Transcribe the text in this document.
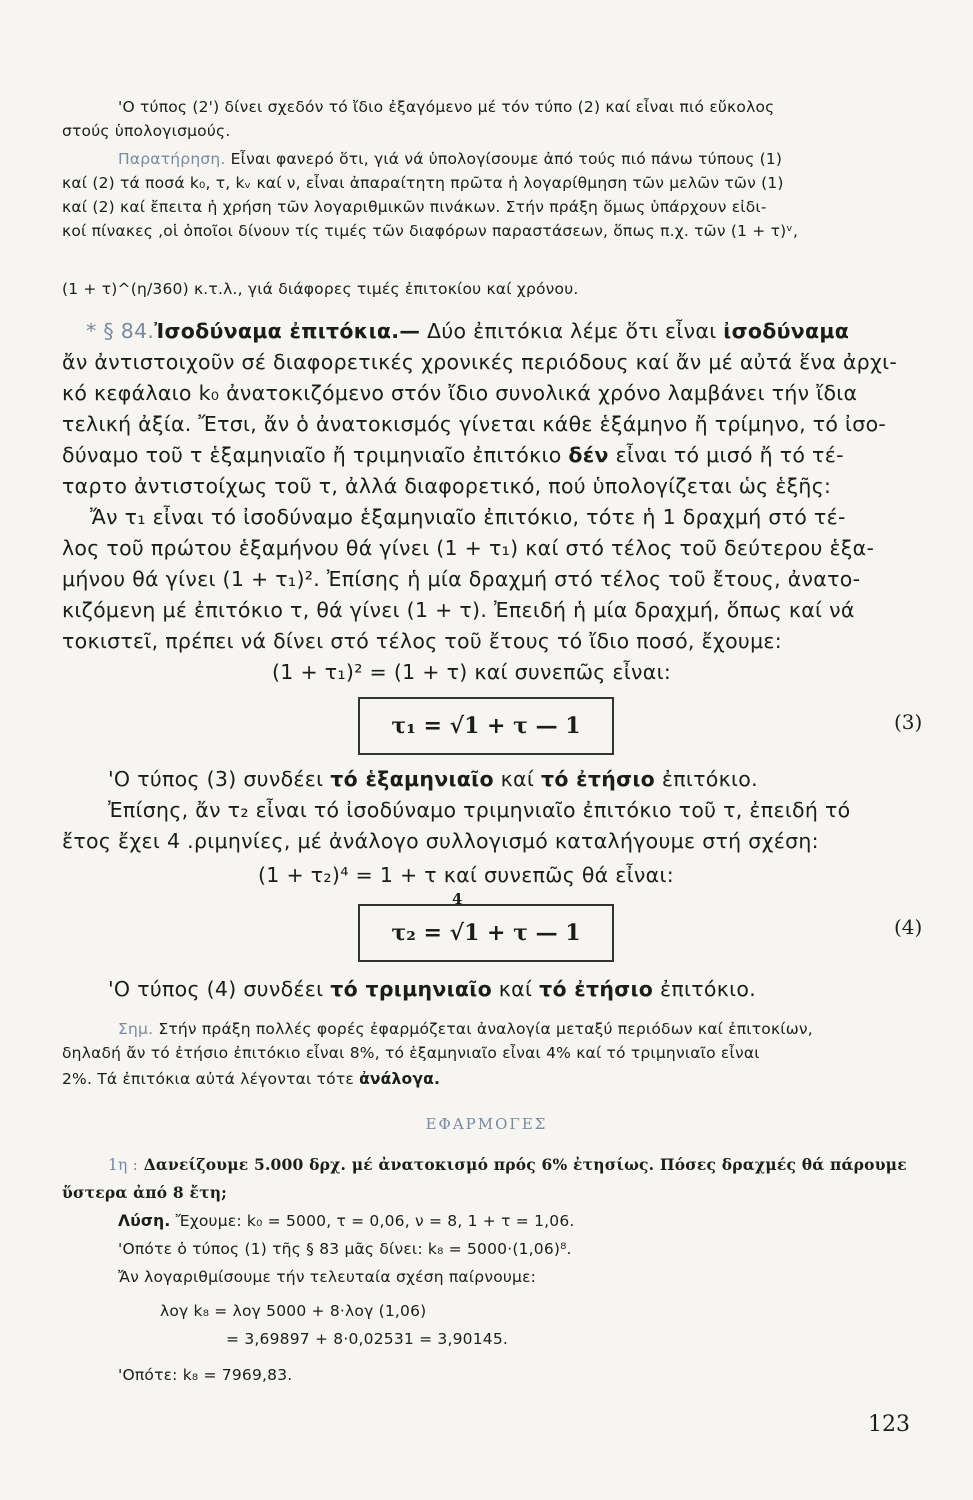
'Ο τύπος (2') δίνει σχεδόν τό ἴδιο ἐξαγόμενο μέ τόν τύπο (2) καί εἶναι πιό εὔκολος
στούς ὑπολογισμούς.
Παρατήρηση. Εἶναι φανερό ὅτι, γιά νά ὑπολογίσουμε ἀπό τούς πιό πάνω τύπους (1)
καί (2) τά ποσά k₀, τ, kᵥ καί ν, εἶναι ἀπαραίτητη πρῶτα ἡ λογαρίθμηση τῶν μελῶν τῶν (1)
καί (2) καί ἔπειτα ἡ χρήση τῶν λογαριθμικῶν πινάκων. Στήν πράξη ὅμως ὑπάρχουν εἰδι-
κοί πίνακες ,οἱ ὁποῖοι δίνουν τίς τιμές τῶν διαφόρων παραστάσεων, ὅπως π.χ. τῶν (1 + τ)ᵛ,
(1 + τ)^(η/360) κ.τ.λ., γιά διάφορες τιμές ἐπιτοκίου καί χρόνου.
* § 84.Ἰσοδύναμα ἐπιτόκια.— Δύο ἐπιτόκια λέμε ὅτι εἶναι ἰσοδύναμα
ἄν ἀντιστοιχοῦν σέ διαφορετικές χρονικές περιόδους καί ἄν μέ αὐτά ἕνα ἀρχι-
κό κεφάλαιο k₀ ἀνατοκιζόμενο στόν ἴδιο συνολικά χρόνο λαμβάνει τήν ἴδια
τελική ἀξία. Ἔτσι, ἄν ὁ ἀνατοκισμός γίνεται κάθε ἑξάμηνο ἤ τρίμηνο, τό ἰσο-
δύναμο τοῦ τ ἑξαμηνιαῖο ἤ τριμηνιαῖο ἐπιτόκιο δέν εἶναι τό μισό ἤ τό τέ-
ταρτο ἀντιστοίχως τοῦ τ, ἀλλά διαφορετικό, πού ὑπολογίζεται ὡς ἑξῆς:
Ἄν τ₁ εἶναι τό ἰσοδύναμο ἑξαμηνιαῖο ἐπιτόκιο, τότε ἡ 1 δραχμή στό τέ-
λος τοῦ πρώτου ἑξαμήνου θά γίνει (1 + τ₁) καί στό τέλος τοῦ δεύτερου ἑξα-
μήνου θά γίνει (1 + τ₁)². Ἐπίσης ἡ μία δραχμή στό τέλος τοῦ ἔτους, ἀνατο-
κιζόμενη μέ ἐπιτόκιο τ, θά γίνει (1 + τ). Ἐπειδή ἡ μία δραχμή, ὅπως καί νά
τοκιστεῖ, πρέπει νά δίνει στό τέλος τοῦ ἔτους τό ἴδιο ποσό, ἔχουμε:
(1 + τ₁)² = (1 + τ) καί συνεπῶς εἶναι:
'Ο τύπος (3) συνδέει τό ἑξαμηνιαῖο καί τό ἐτήσιο ἐπιτόκιο.
Ἐπίσης, ἄν τ₂ εἶναι τό ἰσοδύναμο τριμηνιαῖο ἐπιτόκιο τοῦ τ, ἐπειδή τό
ἔτος ἔχει 4 .ριμηνίες, μέ ἀνάλογο συλλογισμό καταλήγουμε στή σχέση:
(1 + τ₂)⁴ = 1 + τ καί συνεπῶς θά εἶναι:
'Ο τύπος (4) συνδέει τό τριμηνιαῖο καί τό ἐτήσιο ἐπιτόκιο.
Σημ. Στήν πράξη πολλές φορές ἐφαρμόζεται ἀναλογία μεταξύ περιόδων καί ἐπιτοκίων,
δηλαδή ἄν τό ἐτήσιο ἐπιτόκιο εἶναι 8%, τό ἑξαμηνιαῖο εἶναι 4% καί τό τριμηνιαῖο εἶναι
2%. Τά ἐπιτόκια αὐτά λέγονται τότε ἀνάλογα.
1η : Δανείζουμε 5.000 δρχ. μέ ἀνατοκισμό πρός 6% ἐτησίως. Πόσες δραχμές θά πάρουμε
ὕστερα ἀπό 8 ἔτη;
Λύση. Ἔχουμε: k₀ = 5000, τ = 0,06, ν = 8, 1 + τ = 1,06.
'Οπότε ὁ τύπος (1) τῆς § 83 μᾶς δίνει: k₈ = 5000·(1,06)⁸.
Ἄν λογαριθμίσουμε τήν τελευταία σχέση παίρνουμε:
λογ k₈ = λογ 5000 + 8·λογ (1,06)
= 3,69897 + 8·0,02531 = 3,90145.
'Οπότε: k₈ = 7969,83.
τ₁ = √1 + τ — 1
τ₂ = √1 + τ — 1
4
(3)
(4)
ΕΦΑΡΜΟΓΕΣ
123
